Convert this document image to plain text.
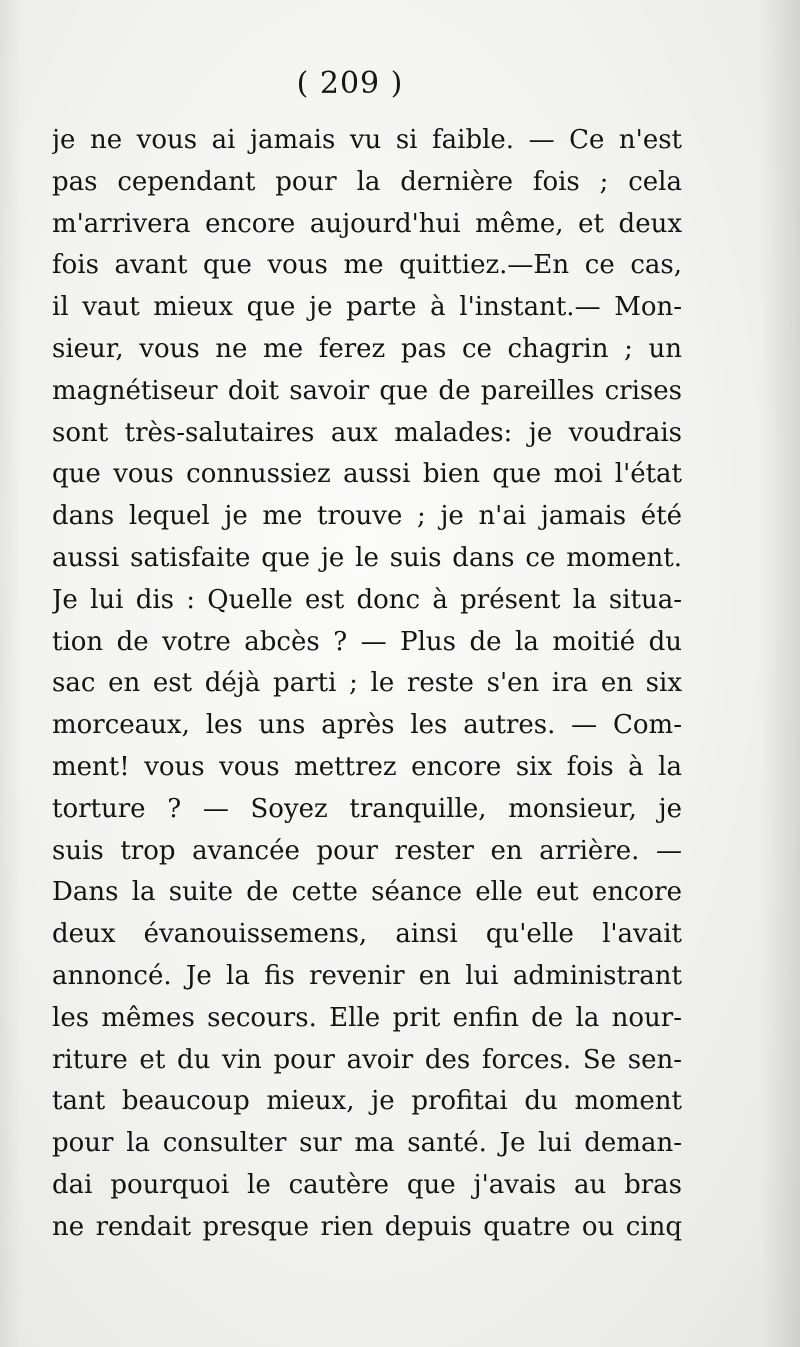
( 209 )
je ne vous ai jamais vu si faible. — Ce n'est
pas cependant pour la dernière fois ; cela
m'arrivera encore aujourd'hui même, et deux
fois avant que vous me quittiez.—En ce cas,
il vaut mieux que je parte à l'instant.— Mon-
sieur, vous ne me ferez pas ce chagrin ; un
magnétiseur doit savoir que de pareilles crises
sont très-salutaires aux malades: je voudrais
que vous connussiez aussi bien que moi l'état
dans lequel je me trouve ; je n'ai jamais été
aussi satisfaite que je le suis dans ce moment.
Je lui dis : Quelle est donc à présent la situa-
tion de votre abcès ? — Plus de la moitié du
sac en est déjà parti ; le reste s'en ira en six
morceaux, les uns après les autres. — Com-
ment! vous vous mettrez encore six fois à la
torture ? — Soyez tranquille, monsieur, je
suis trop avancée pour rester en arrière. —
Dans la suite de cette séance elle eut encore
deux évanouissemens, ainsi qu'elle l'avait
annoncé. Je la fis revenir en lui administrant
les mêmes secours. Elle prit enfin de la nour-
riture et du vin pour avoir des forces. Se sen-
tant beaucoup mieux, je profitai du moment
pour la consulter sur ma santé. Je lui deman-
dai pourquoi le cautère que j'avais au bras
ne rendait presque rien depuis quatre ou cinq
